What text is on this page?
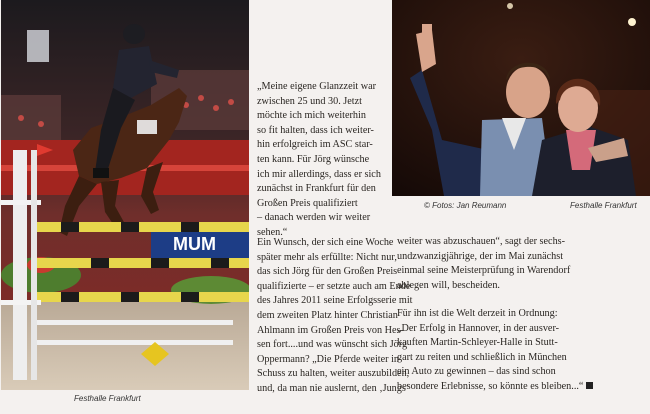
MUM
Festhalle Frankfurt
© Fotos: Jan Reumann	Festhalle Frankfurt
„Meine eigene Glanzzeit war
zwischen 25 und 30. Jetzt
möchte ich mich weiterhin
so fit halten, dass ich weiter-
hin erfolgreich im ASC star-
ten kann. Für Jörg wünsche
ich mir allerdings, dass er sich
zunächst in Frankfurt für den
Großen Preis qualifiziert
– danach werden wir weiter
sehen.“
Ein Wunsch, der sich eine Woche
später mehr als erfüllte: Nicht nur,
das sich Jörg für den Großen Preis
qualifizierte – er setzte auch am Ende
des Jahres 2011 seine Erfolgsserie mit
dem zweiten Platz hinter Christian
Ahlmann im Großen Preis von Hes-
sen fort....und was wünscht sich Jörg
Oppermann? „Die Pferde weiter in
Schuss zu halten, weiter auszubilden,
und, da man nie auslernt, den ‚Jungs‘
weiter was abzuschauen“, sagt der sechs-
undzwanzigjährige, der im Mai zunächst
einmal seine Meisterprüfung in Warendorf
ablegen will, bescheiden.
Für ihn ist die Welt derzeit in Ordnung:
„Der Erfolg in Hannover, in der ausver-
kauften Martin-Schleyer-Halle in Stutt-
gart zu reiten und schließlich in München
ein Auto zu gewinnen – das sind schon
besondere Erlebnisse, so könnte es bleiben...“
